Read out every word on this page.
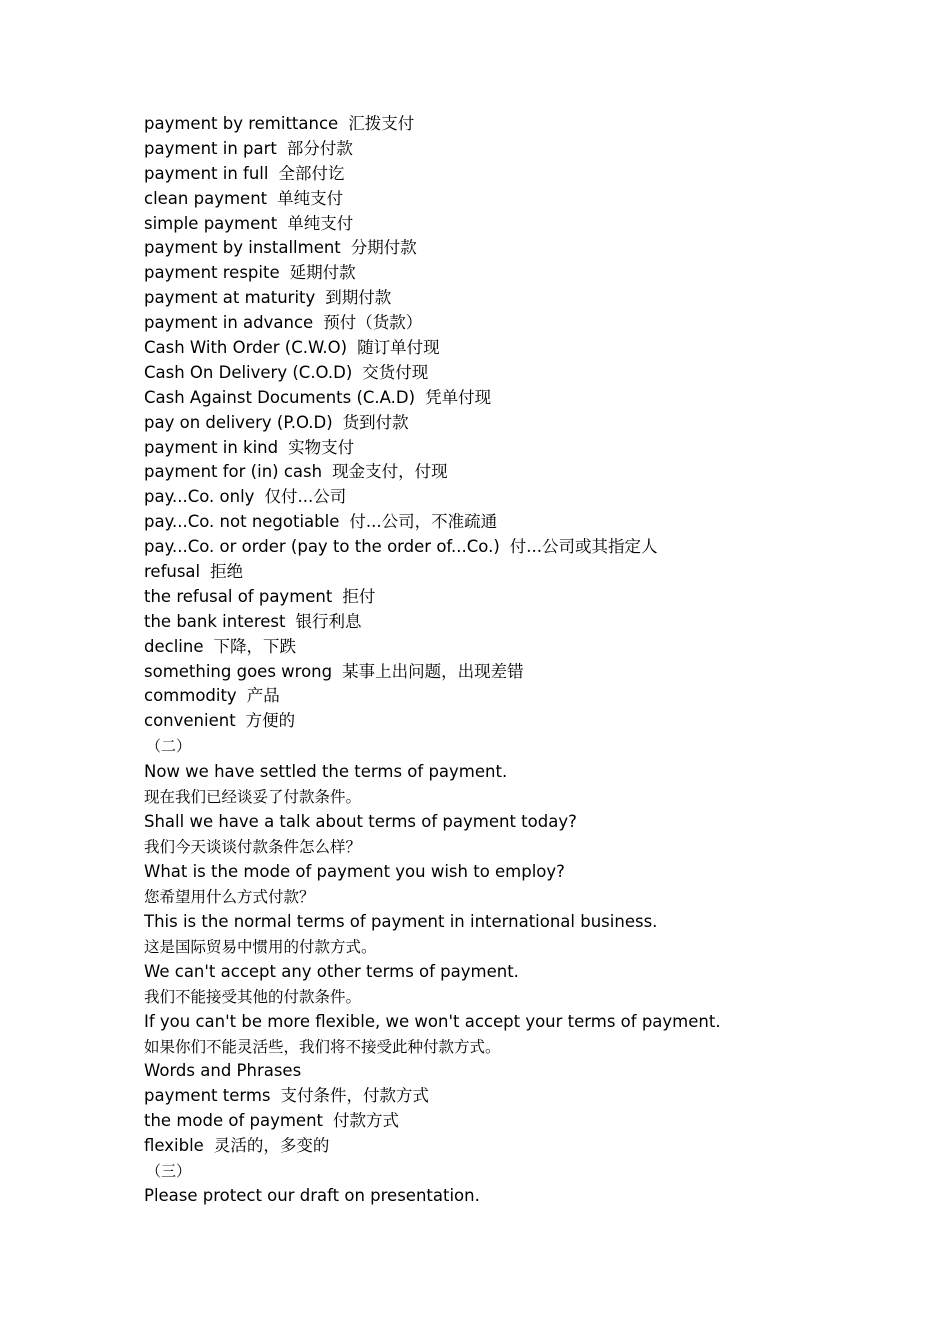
payment by remittance 汇拨支付
payment in part 部分付款
payment in full 全部付讫
clean payment 单纯支付
simple payment 单纯支付
payment by installment 分期付款
payment respite 延期付款
payment at maturity 到期付款
payment in advance 预付（货款）
Cash With Order (C.W.O) 随订单付现
Cash On Delivery (C.O.D) 交货付现
Cash Against Documents (C.A.D) 凭单付现
pay on delivery (P.O.D) 货到付款
payment in kind 实物支付
payment for (in) cash 现金支付，付现
pay...Co. only 仅付...公司
pay...Co. not negotiable 付...公司，不准疏通
pay...Co. or order (pay to the order of...Co.) 付...公司或其指定人
refusal 拒绝
the refusal of payment 拒付
the bank interest 银行利息
decline 下降，下跌
something goes wrong 某事上出问题，出现差错
commodity 产品
convenient 方便的
（二）
Now we have settled the terms of payment.
现在我们已经谈妥了付款条件。
Shall we have a talk about terms of payment today?
我们今天谈谈付款条件怎么样？
What is the mode of payment you wish to employ?
您希望用什么方式付款？
This is the normal terms of payment in international business.
这是国际贸易中惯用的付款方式。
We can't accept any other terms of payment.
我们不能接受其他的付款条件。
If you can't be more flexible, we won't accept your terms of payment.
如果你们不能灵活些，我们将不接受此种付款方式。
Words and Phrases
payment terms 支付条件，付款方式
the mode of payment 付款方式
flexible 灵活的，多变的
（三）
Please protect our draft on presentation.
